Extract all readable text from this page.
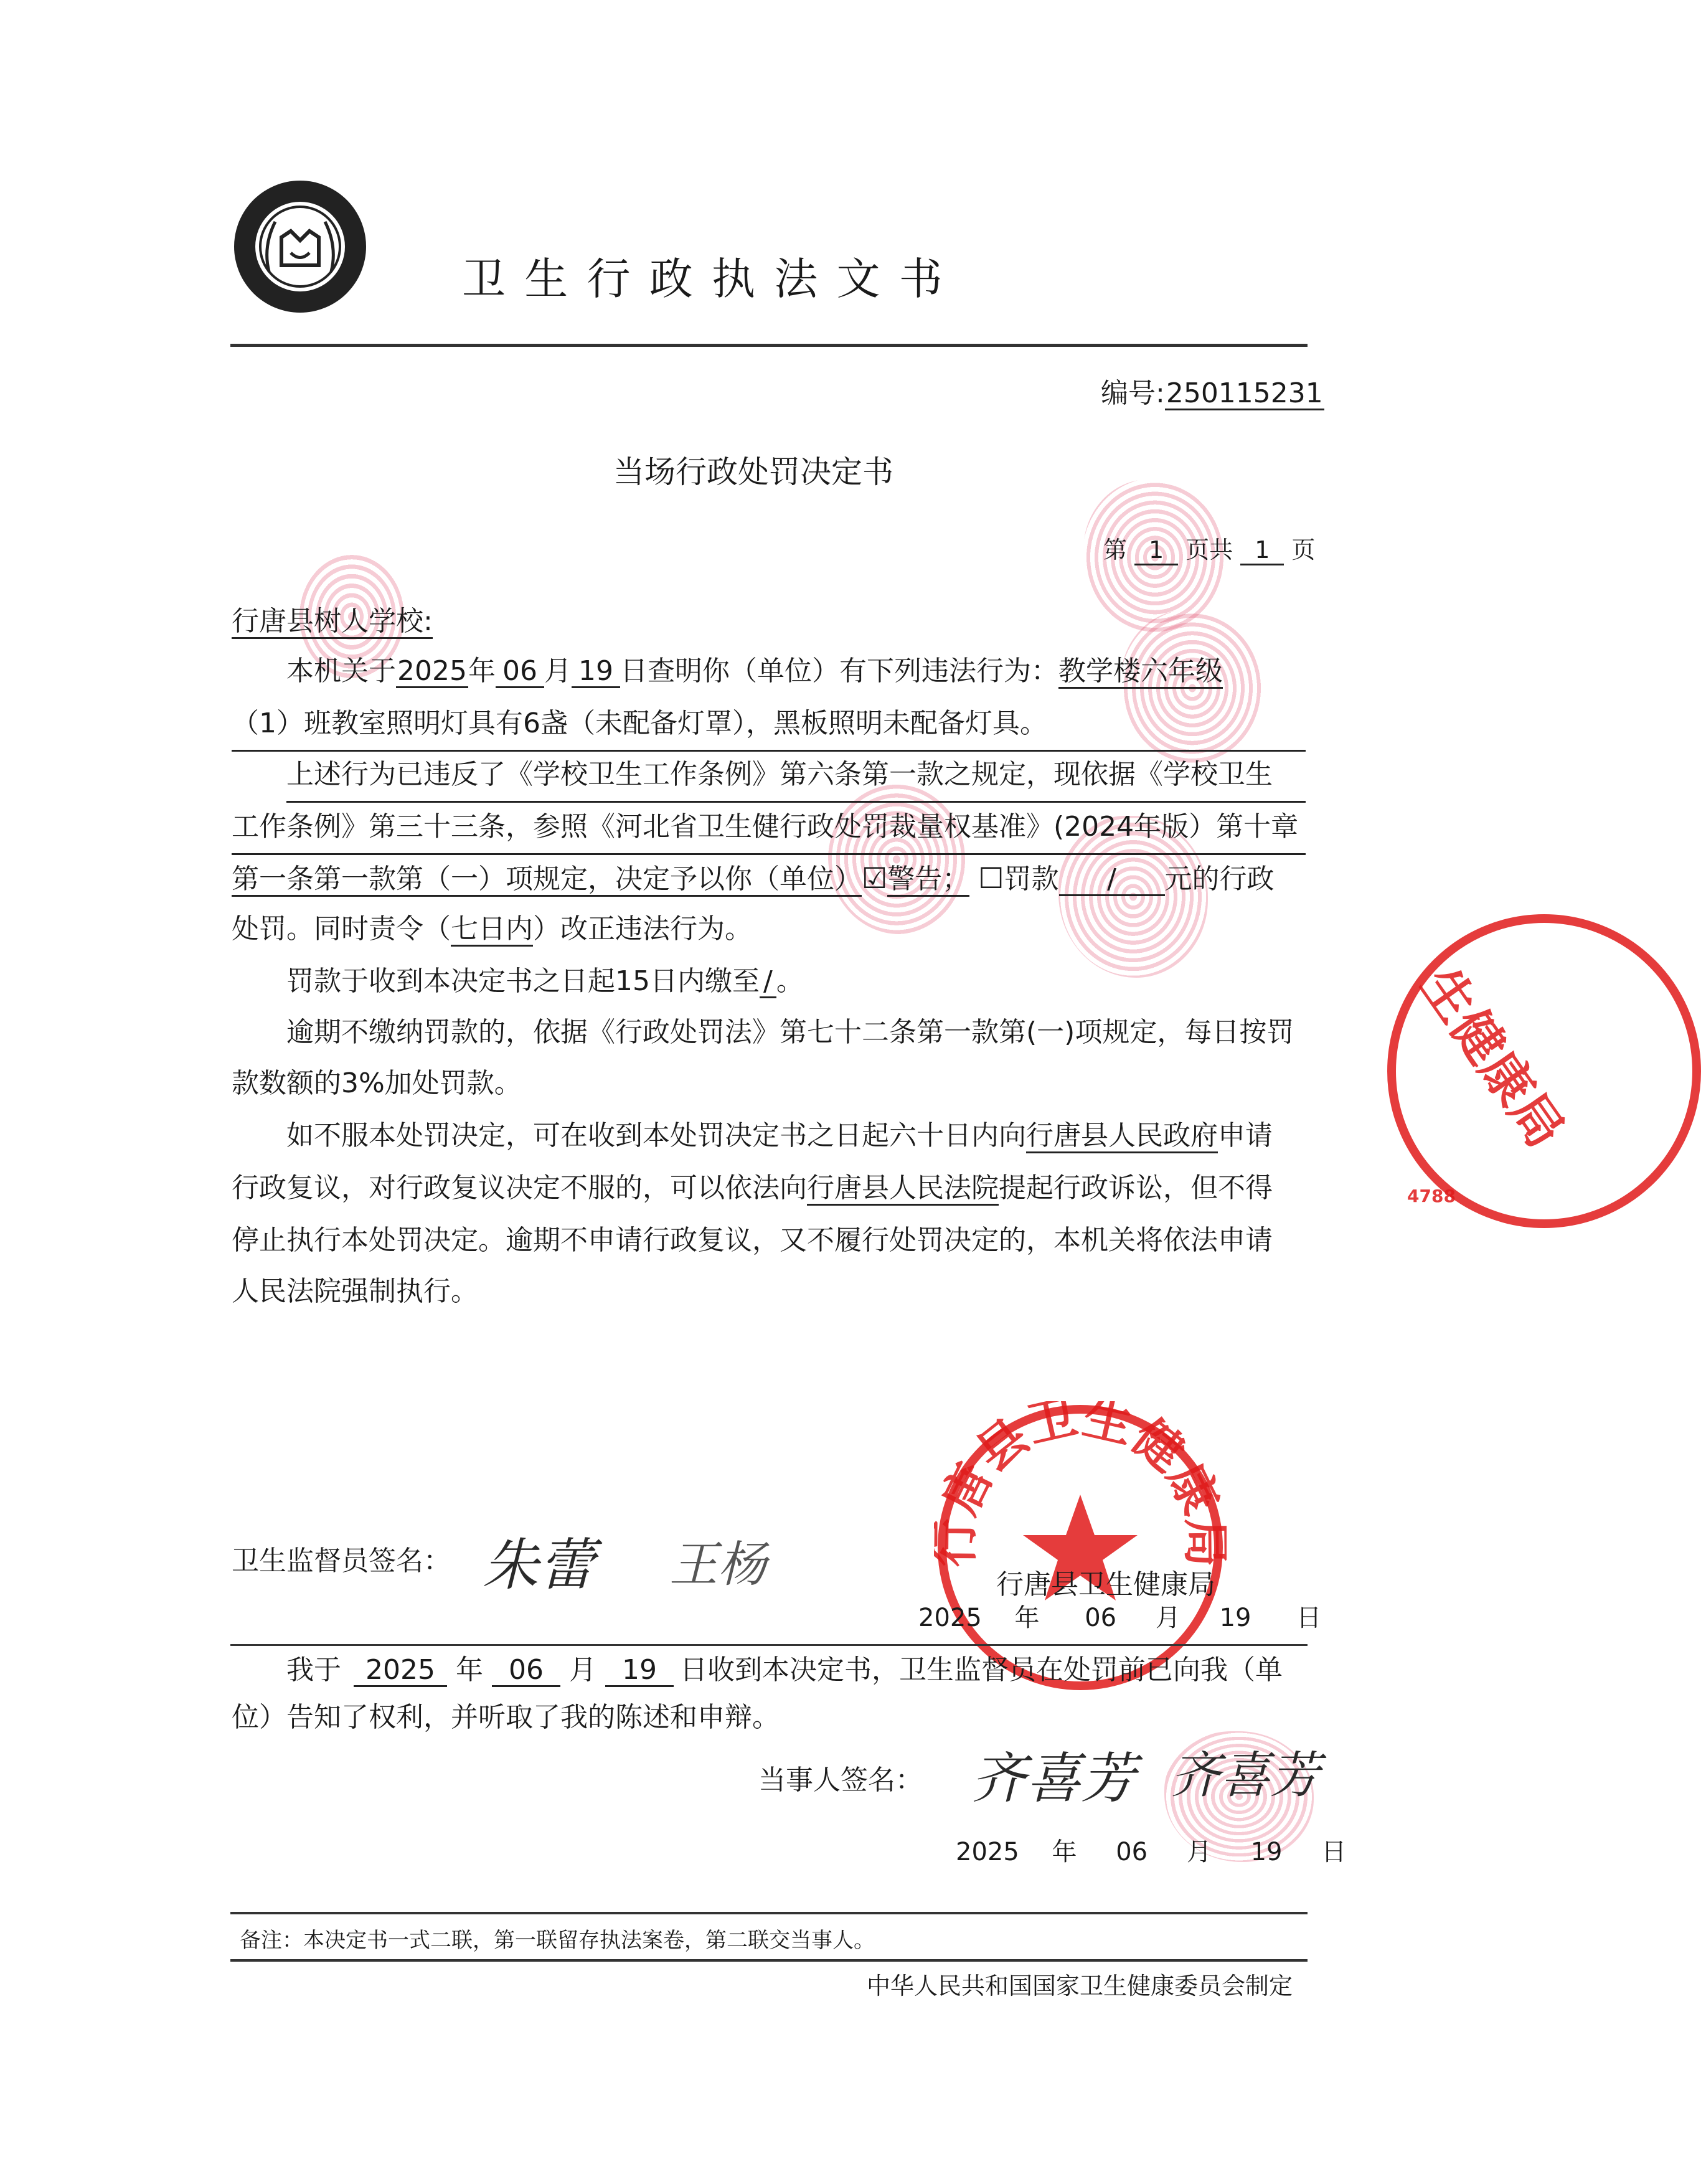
卫 生 行 政 执 法 文 书
编号:250115231
当场行政处罚决定书
第 1 页共 1 页
行唐县树人学校:
本机关于2025年 06 月 19 日查明你（单位）有下列违法行为：教学楼六年级
（1）班教室照明灯具有6盏（未配备灯罩），黑板照明未配备灯具。
上述行为已违反了《学校卫生工作条例》第六条第一款之规定，现依据《学校卫生
工作条例》第三十三条，参照《河北省卫生健行政处罚裁量权基准》(2024年版）第十章
第一条第一款第（一）项规定，决定予以你（单位）☑警告； ☐罚款 / 元的行政
处罚。同时责令（七日内）改正违法行为。
罚款于收到本决定书之日起15日内缴至 / 。
逾期不缴纳罚款的，依据《行政处罚法》第七十二条第一款第(一)项规定，每日按罚
款数额的3%加处罚款。
如不服本处罚决定，可在收到本处罚决定书之日起六十日内向行唐县人民政府申请
行政复议，对行政复议决定不服的，可以依法向行唐县人民法院提起行政诉讼，但不得
停止执行本处罚决定。逾期不申请行政复议，又不履行处罚决定的，本机关将依法申请
人民法院强制执行。
唐县卫生健康
生健康局
4788
卫生监督员签名： 朱蕾 王杨	行唐县卫生健康局
2025 年 06 月 19 日
我于 2025 年 06 月 19 日收到本决定书，卫生监督员在处罚前已向我（单
位）告知了权利，并听取了我的陈述和申辩。
当事人签名： 齐喜芳 齐喜芳
2025 年 06 月 19 日
备注：本决定书一式二联，第一联留存执法案卷，第二联交当事人。
中华人民共和国国家卫生健康委员会制定
